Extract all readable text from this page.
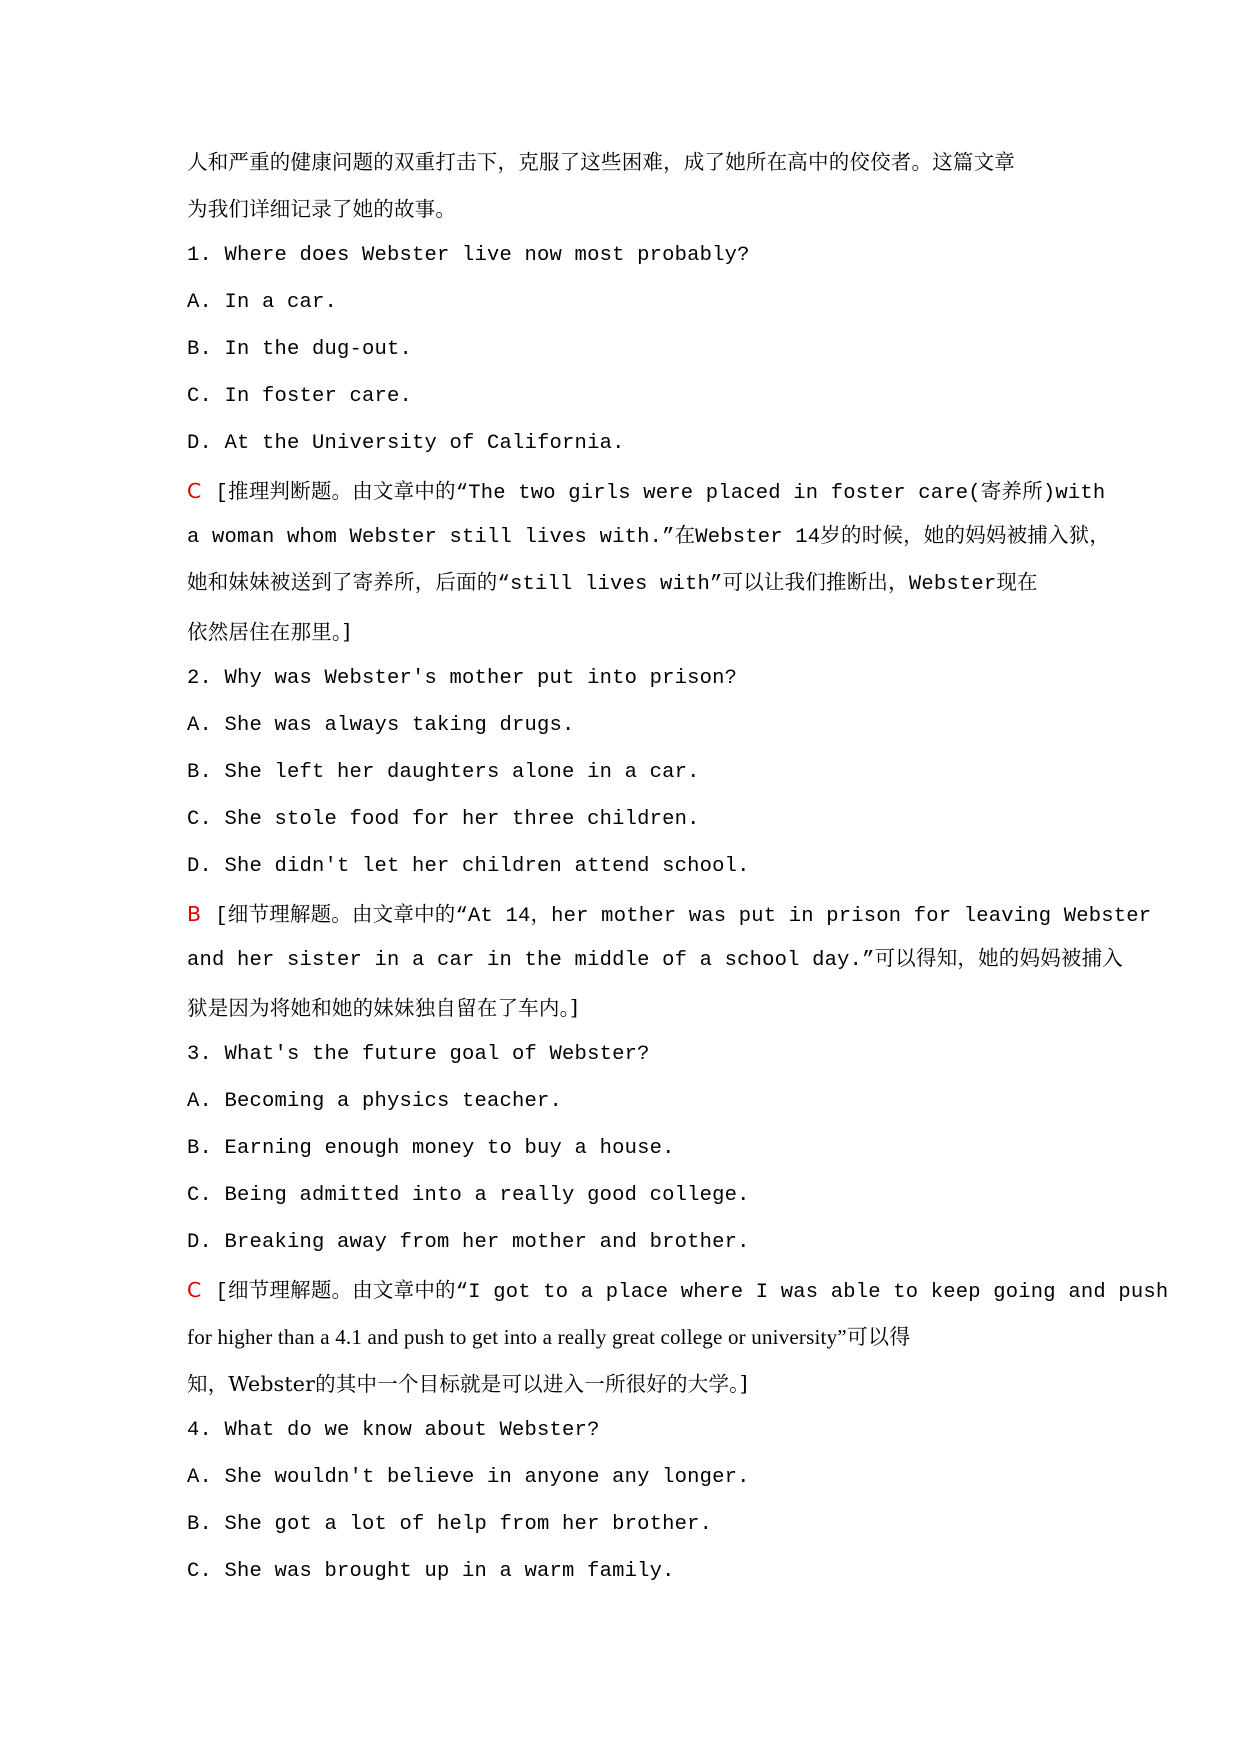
人和严重的健康问题的双重打击下，克服了这些困难，成了她所在高中的佼佼者。这篇文章
为我们详细记录了她的故事。
1. Where does Webster live now most probably?
A. In a car.
B. In the dug-out.
C. In foster care.
D. At the University of California.
C [推理判断题。由文章中的“The two girls were placed in foster care(寄养所)with
a woman whom Webster still lives with.”在Webster 14岁的时候，她的妈妈被捕入狱，
她和妹妹被送到了寄养所，后面的“still lives with”可以让我们推断出，Webster现在
依然居住在那里。]
2. Why was Webster's mother put into prison?
A. She was always taking drugs.
B. She left her daughters alone in a car.
C. She stole food for her three children.
D. She didn't let her children attend school.
B [细节理解题。由文章中的“At 14，her mother was put in prison for leaving Webster
and her sister in a car in the middle of a school day.”可以得知，她的妈妈被捕入
狱是因为将她和她的妹妹独自留在了车内。]
3. What's the future goal of Webster?
A. Becoming a physics teacher.
B. Earning enough money to buy a house.
C. Being admitted into a really good college.
D. Breaking away from her mother and brother.
C [细节理解题。由文章中的“I got to a place where I was able to keep going and push
for higher than a 4.1 and push to get into a really great college or university”可以得
知，Webster的其中一个目标就是可以进入一所很好的大学。]
4. What do we know about Webster?
A. She wouldn't believe in anyone any longer.
B. She got a lot of help from her brother.
C. She was brought up in a warm family.
